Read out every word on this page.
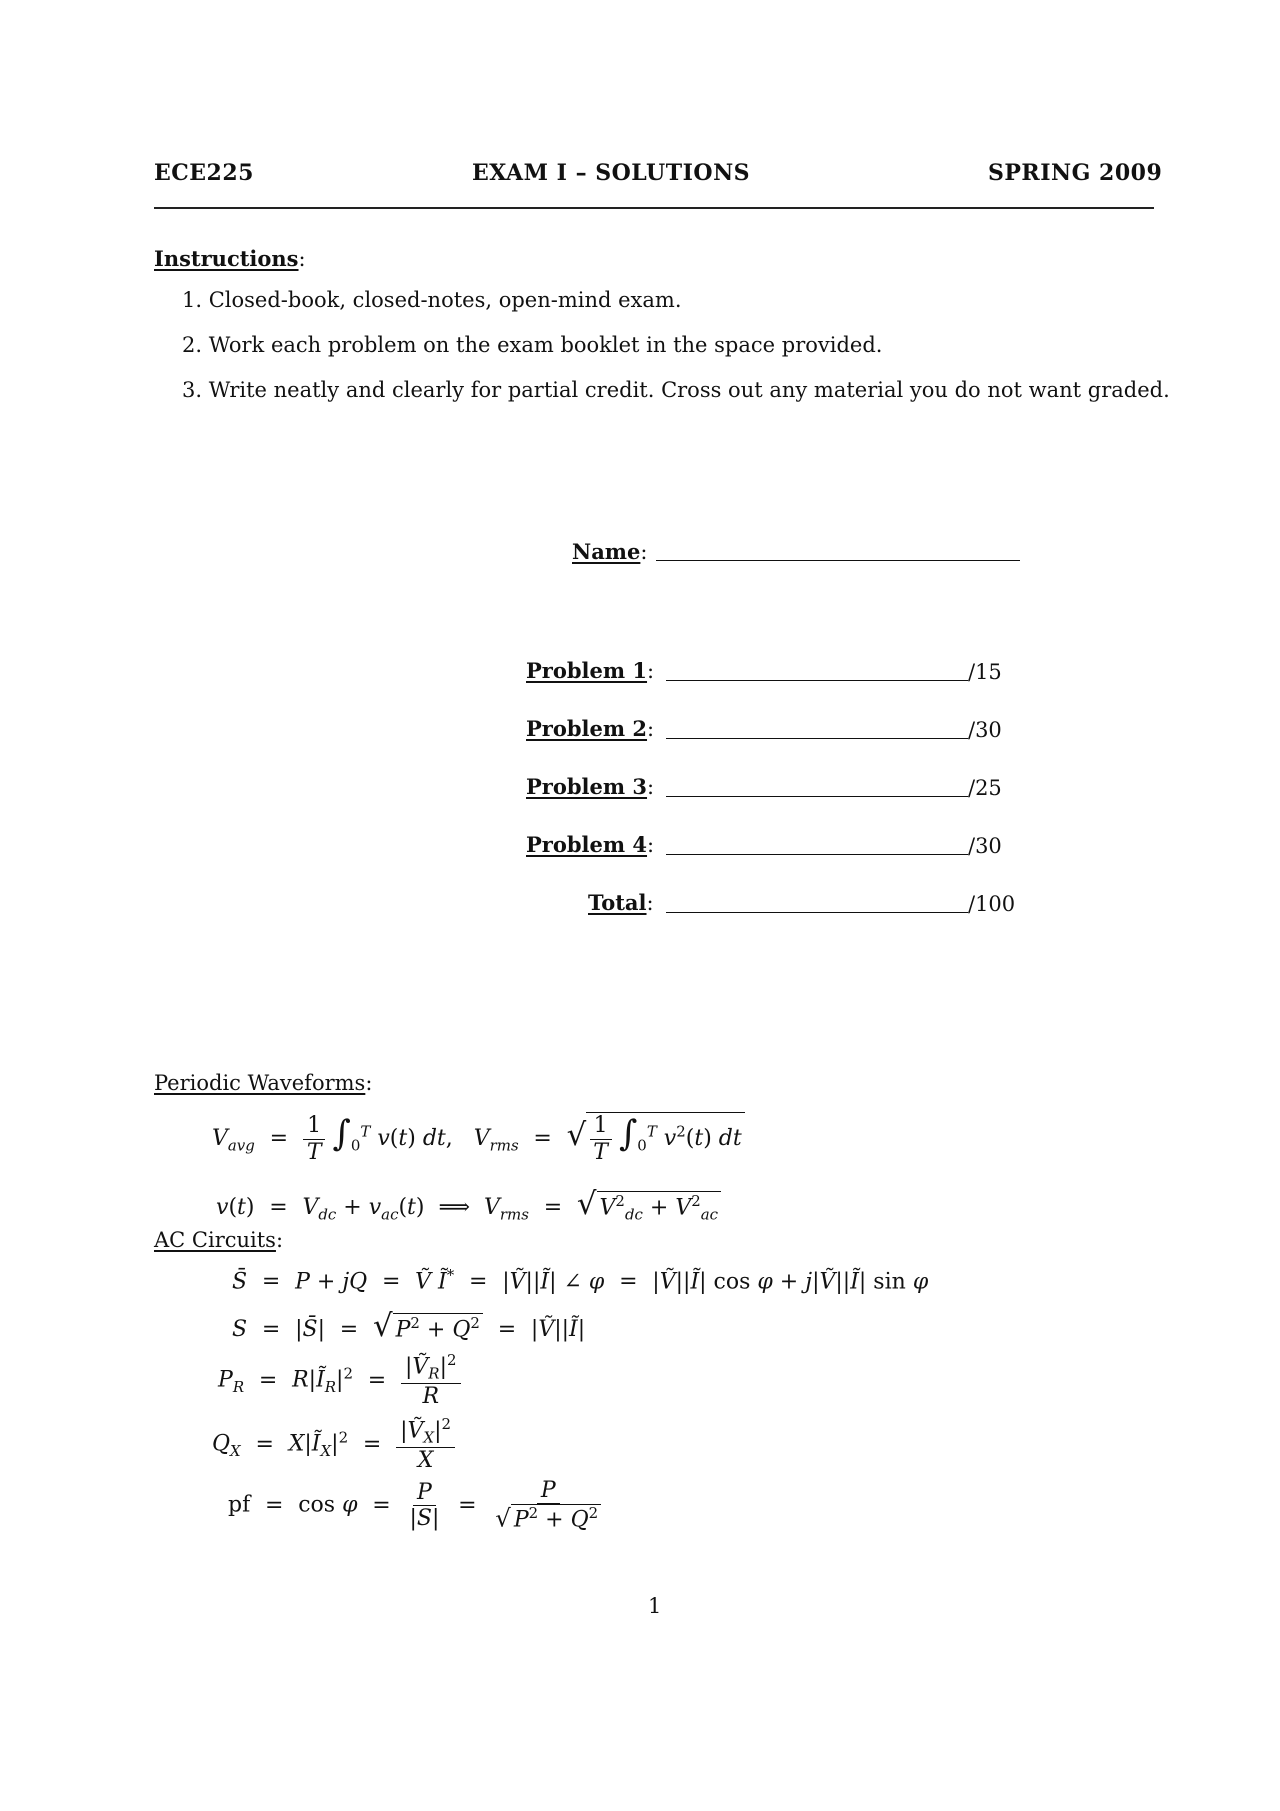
ECE225	EXAM I – SOLUTIONS	SPRING 2009
Instructions:
1. Closed-book, closed-notes, open-mind exam.
2. Work each problem on the exam booklet in the space provided.
3. Write neatly and clearly for partial credit. Cross out any material you do not want graded.
Name:
Problem 1:	/15
Problem 2:	/30
Problem 3:	/25
Problem 4:	/30
Total:	/100
Periodic Waveforms:
$V_{avg} = \frac{1}{T} \int_0^T$ v(t) dt,   $V_{rms}$ = √ $\frac{1}{T} \int_0^T$ $v^2(t)$ dt
$v(t) = V_{dc} + v_{ac}(t)$  ⟹  $V_{rms}$ = √ $V^2_{dc} + V^2_{ac}$
AC Circuits:
S̄ = P + jQ = Ṽ Ĩ* = |Ṽ||Ĩ| ∠ φ = |Ṽ||Ĩ| cos φ + j|Ṽ||Ĩ| sin φ
S = |S̄| = √ $P^2 + Q^2$ = |Ṽ||Ĩ|
$P_R$ = $R|Ĩ_R|^2 = \frac{|Ṽ_R|^2}{R}$
$Q_X$ = $X|Ĩ_X|^2 = \frac{|Ṽ_X|^2}{X}$
pf = $\cos \varphi = \frac{P}{|S|} = \frac{P}{√ P^2 + Q^2}$
1
